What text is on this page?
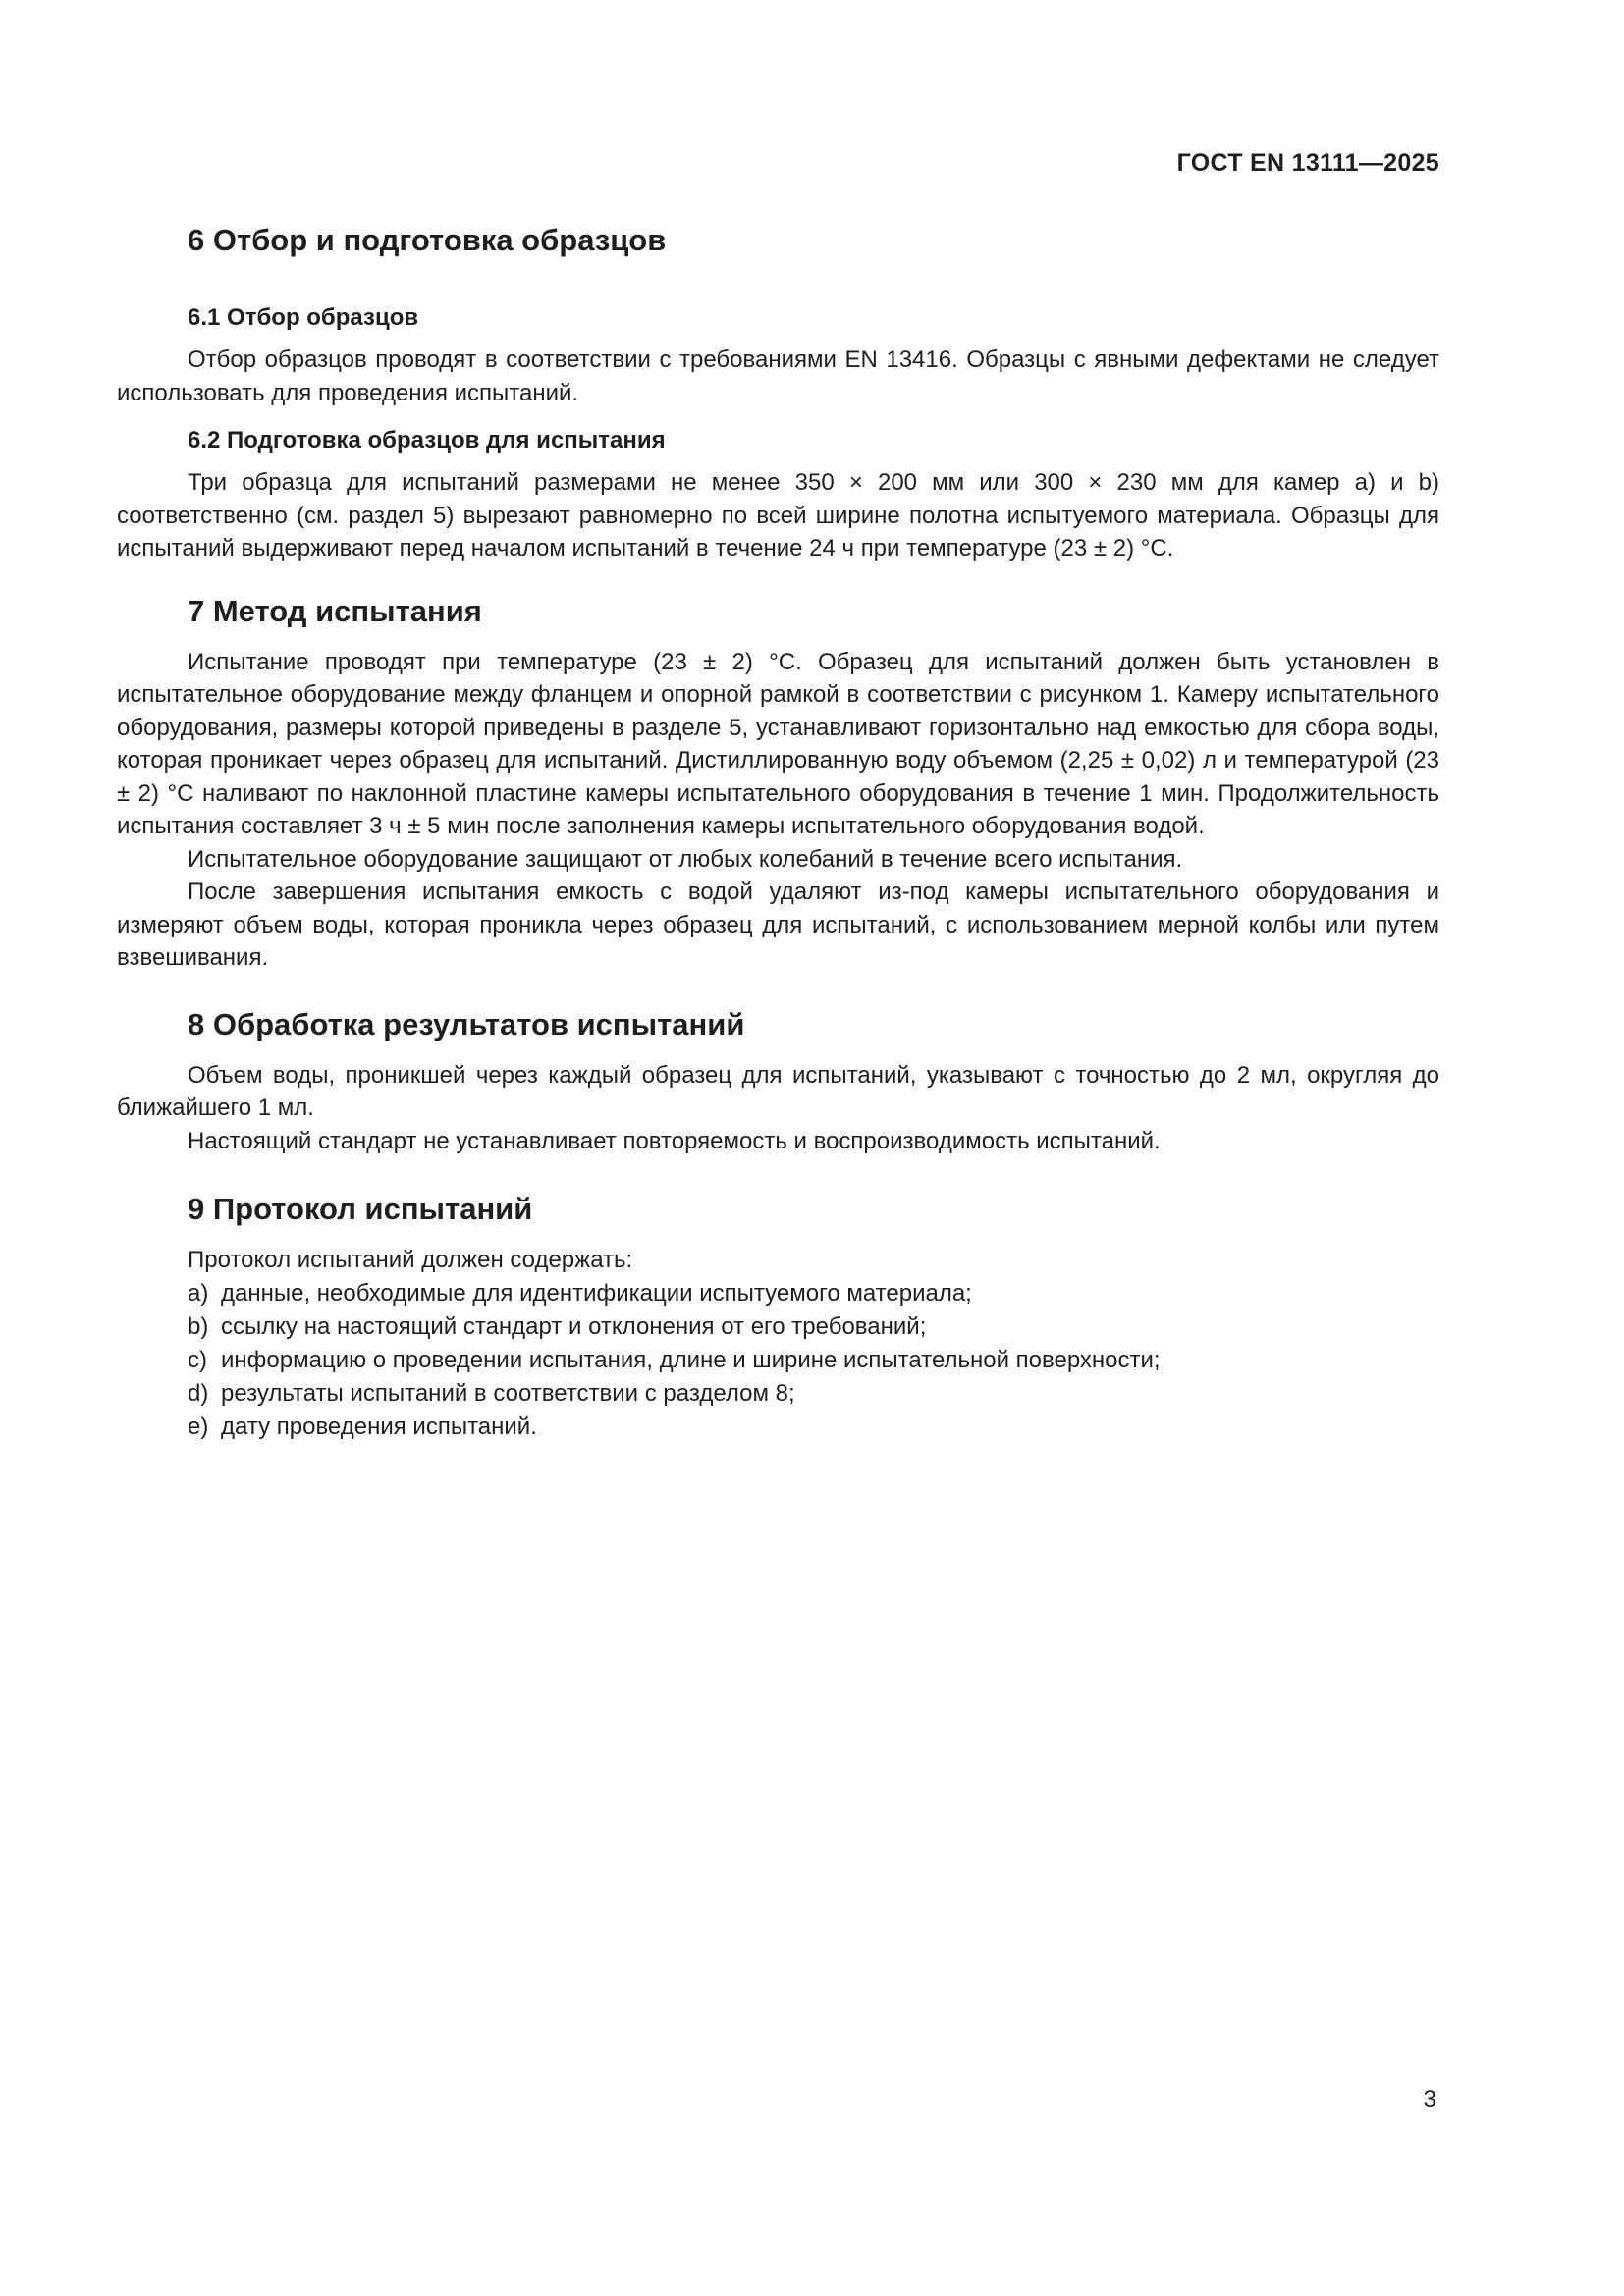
ГОСТ EN 13111—2025
6 Отбор и подготовка образцов
6.1 Отбор образцов

Отбор образцов проводят в соответствии с требованиями EN 13416. Образцы с явными дефектами не следует использовать для проведения испытаний.

6.2 Подготовка образцов для испытания

Три образца для испытаний размерами не менее 350 × 200 мм или 300 × 230 мм для камер a) и b) соответственно (см. раздел 5) вырезают равномерно по всей ширине полотна испытуемого материала. Образцы для испытаний выдерживают перед началом испытаний в течение 24 ч при температуре (23 ± 2) °С.

7 Метод испытания

Испытание проводят при температуре (23 ± 2) °С. Образец для испытаний должен быть установлен в испытательное оборудование между фланцем и опорной рамкой в соответствии с рисунком 1. Камеру испытательного оборудования, размеры которой приведены в разделе 5, устанавливают горизонтально над емкостью для сбора воды, которая проникает через образец для испытаний. Дистиллированную воду объемом (2,25 ± 0,02) л и температурой (23 ± 2) °С наливают по наклонной пластине камеры испытательного оборудования в течение 1 мин. Продолжительность испытания составляет 3 ч ± 5 мин после заполнения камеры испытательного оборудования водой.

Испытательное оборудование защищают от любых колебаний в течение всего испытания.

После завершения испытания емкость с водой удаляют из-под камеры испытательного оборудования и измеряют объем воды, которая проникла через образец для испытаний, с использованием мерной колбы или путем взвешивания.

8 Обработка результатов испытаний

Объем воды, проникшей через каждый образец для испытаний, указывают с точностью до 2 мл, округляя до ближайшего 1 мл.

Настоящий стандарт не устанавливает повторяемость и воспроизводимость испытаний.

9 Протокол испытаний

Протокол испытаний должен содержать:

a) данные, необходимые для идентификации испытуемого материала;
b) ссылку на настоящий стандарт и отклонения от его требований;
c) информацию о проведении испытания, длине и ширине испытательной поверхности;
d) результаты испытаний в соответствии с разделом 8;
e) дату проведения испытаний.
3
